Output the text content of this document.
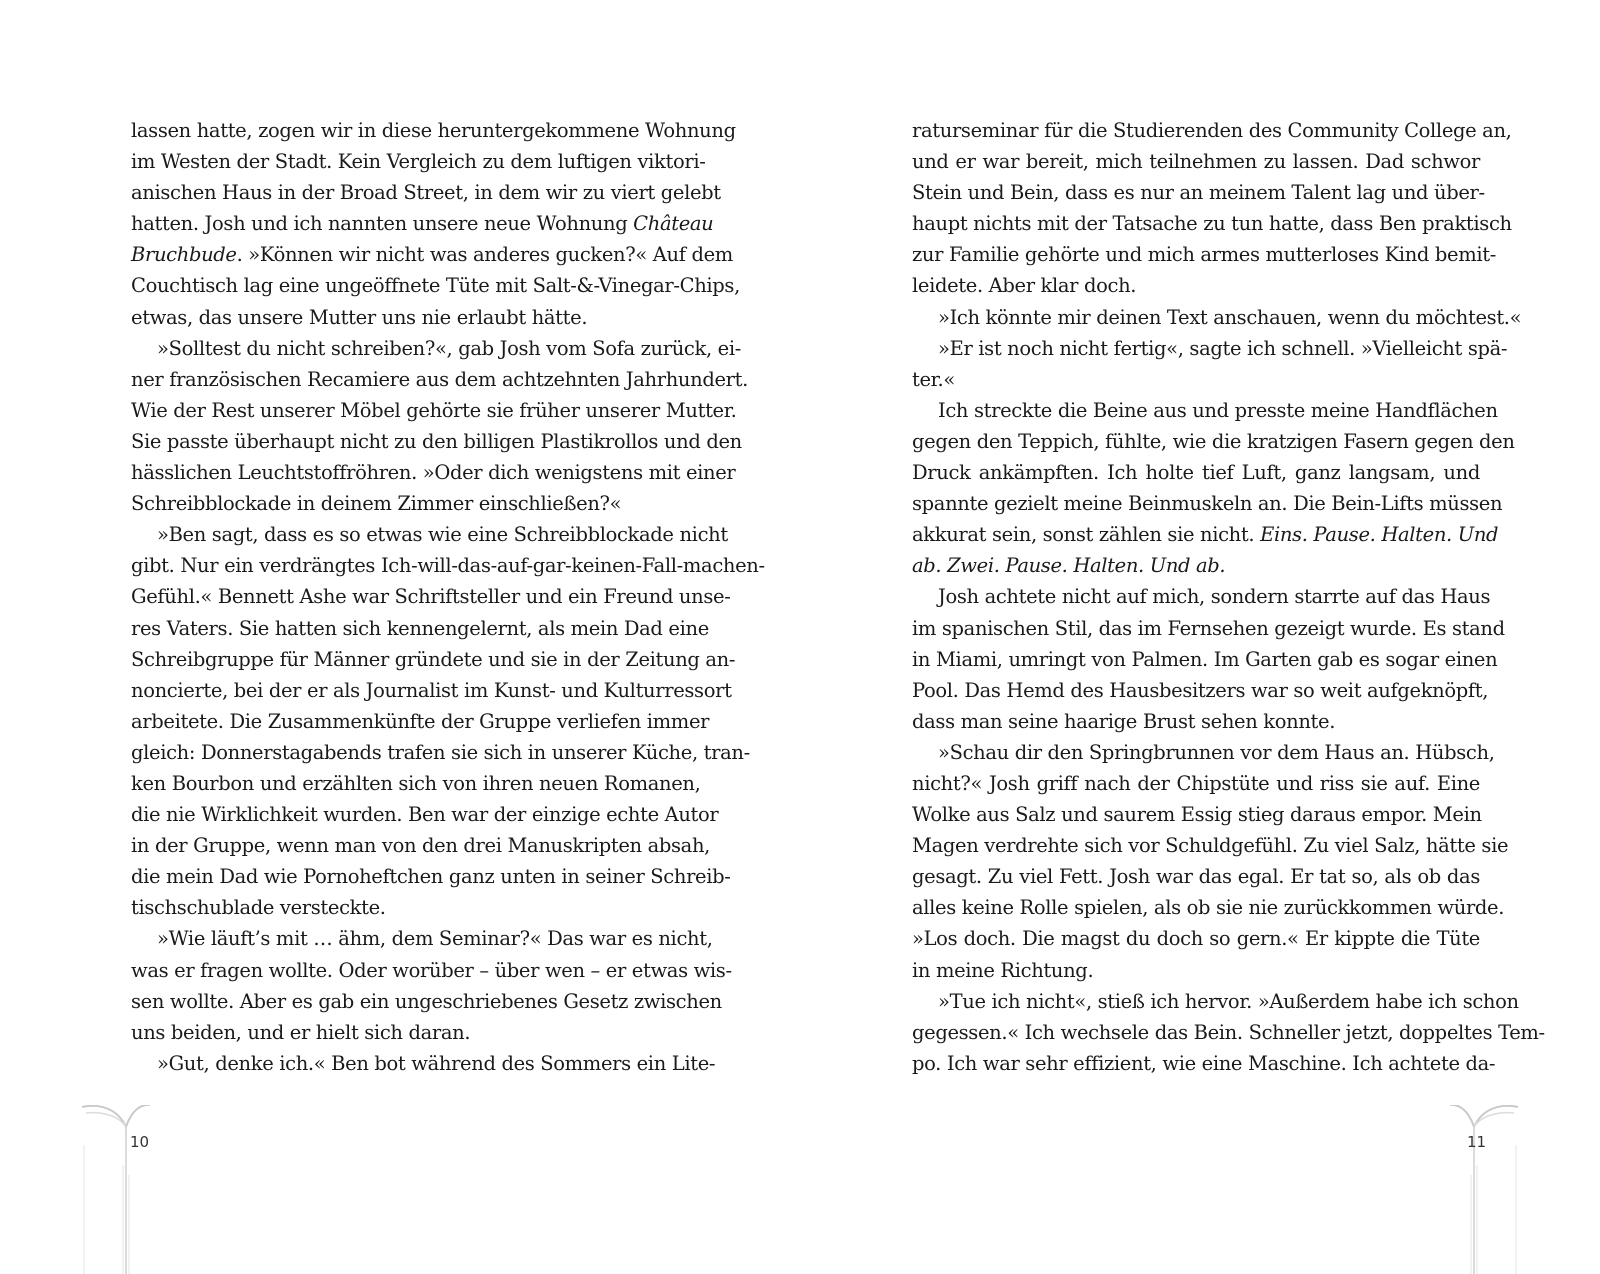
lassen hatte, zogen wir in diese heruntergekommene Wohnung
im Westen der Stadt. Kein Vergleich zu dem luftigen viktori-
anischen Haus in der Broad Street, in dem wir zu viert gelebt
hatten. Josh und ich nannten unsere neue Wohnung Château
Bruchbude. »Können wir nicht was anderes gucken?« Auf dem
Couchtisch lag eine ungeöffnete Tüte mit Salt-&-Vinegar-Chips,
etwas, das unsere Mutter uns nie erlaubt hätte.
»Solltest du nicht schreiben?«, gab Josh vom Sofa zurück, ei-
ner französischen Recamiere aus dem achtzehnten Jahrhundert.
Wie der Rest unserer Möbel gehörte sie früher unserer Mutter.
Sie passte überhaupt nicht zu den billigen Plastikrollos und den
hässlichen Leuchtstoffröhren. »Oder dich wenigstens mit einer
Schreibblockade in deinem Zimmer einschließen?«
»Ben sagt, dass es so etwas wie eine Schreibblockade nicht
gibt. Nur ein verdrängtes Ich-will-das-auf-gar-keinen-Fall-machen-
Gefühl.« Bennett Ashe war Schriftsteller und ein Freund unse-
res Vaters. Sie hatten sich kennengelernt, als mein Dad eine
Schreibgruppe für Männer gründete und sie in der Zeitung an-
noncierte, bei der er als Journalist im Kunst- und Kulturressort
arbeitete. Die Zusammenkünfte der Gruppe verliefen immer
gleich: Donnerstagabends trafen sie sich in unserer Küche, tran-
ken Bourbon und erzählten sich von ihren neuen Romanen,
die nie Wirklichkeit wurden. Ben war der einzige echte Autor
in der Gruppe, wenn man von den drei Manuskripten absah,
die mein Dad wie Pornoheftchen ganz unten in seiner Schreib-
tischschublade versteckte.
»Wie läuft’s mit … ähm, dem Seminar?« Das war es nicht,
was er fragen wollte. Oder worüber – über wen – er etwas wis-
sen wollte. Aber es gab ein ungeschriebenes Gesetz zwischen
uns beiden, und er hielt sich daran.
»Gut, denke ich.« Ben bot während des Sommers ein Lite-
10
raturseminar für die Studierenden des Community College an,
und er war bereit, mich teilnehmen zu lassen. Dad schwor
Stein und Bein, dass es nur an meinem Talent lag und über-
haupt nichts mit der Tatsache zu tun hatte, dass Ben praktisch
zur Familie gehörte und mich armes mutterloses Kind bemit-
leidete. Aber klar doch.
»Ich könnte mir deinen Text anschauen, wenn du möchtest.«
»Er ist noch nicht fertig«, sagte ich schnell. »Vielleicht spä-
ter.«
Ich streckte die Beine aus und presste meine Handflächen
gegen den Teppich, fühlte, wie die kratzigen Fasern gegen den
Druck ankämpften. Ich holte tief Luft, ganz langsam, und
spannte gezielt meine Beinmuskeln an. Die Bein-Lifts müssen
akkurat sein, sonst zählen sie nicht. Eins. Pause. Halten. Und
ab. Zwei. Pause. Halten. Und ab.
Josh achtete nicht auf mich, sondern starrte auf das Haus
im spanischen Stil, das im Fernsehen gezeigt wurde. Es stand
in Miami, umringt von Palmen. Im Garten gab es sogar einen
Pool. Das Hemd des Hausbesitzers war so weit aufgeknöpft,
dass man seine haarige Brust sehen konnte.
»Schau dir den Springbrunnen vor dem Haus an. Hübsch,
nicht?« Josh griff nach der Chipstüte und riss sie auf. Eine
Wolke aus Salz und saurem Essig stieg daraus empor. Mein
Magen verdrehte sich vor Schuldgefühl. Zu viel Salz, hätte sie
gesagt. Zu viel Fett. Josh war das egal. Er tat so, als ob das
alles keine Rolle spielen, als ob sie nie zurückkommen würde.
»Los doch. Die magst du doch so gern.« Er kippte die Tüte
in meine Richtung.
»Tue ich nicht«, stieß ich hervor. »Außerdem habe ich schon
gegessen.« Ich wechsele das Bein. Schneller jetzt, doppeltes Tem-
po. Ich war sehr effizient, wie eine Maschine. Ich achtete da-
11
